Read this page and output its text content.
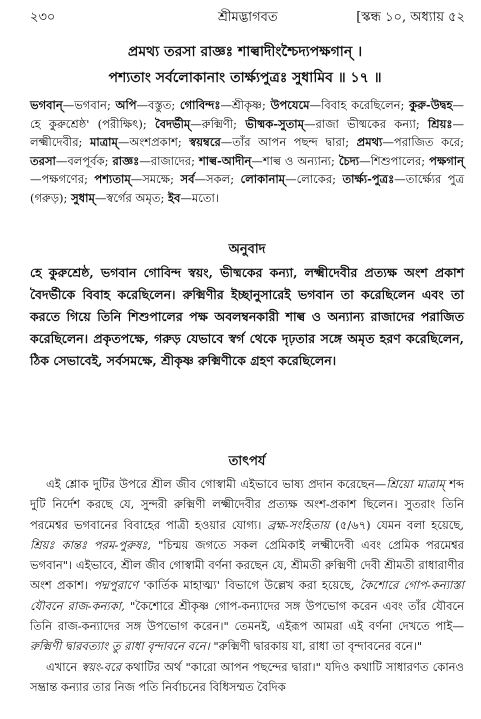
২৩০	শ্রীমদ্ভাগবত	[স্কন্ধ ১০, অধ্যায় ৫২
প্রমথ্য তরসা রাজ্ঞঃ শাল্বাদীংশ্চৈদ্যপক্ষগান্ ।
পশ্যতাং সর্বলোকানাং তার্ক্ষ্যপুত্রঃ সুধামিব ॥ ১৭ ॥
ভগবান্—ভগবান; অপি—বস্তুত; গোবিন্দঃ—শ্রীকৃষ্ণ; উপযেমে—বিবাহ করেছিলেন; কুরু-উদ্বহ—হে কুরুশ্রেষ্ঠ' (পরীক্ষিৎ); বৈদর্ভীম্—রুক্মিণী; ভীষ্মক-সুতাম্—রাজা ভীষ্মকের কন্যা; শ্রিয়ঃ—লক্ষ্মীদেবীর; মাত্রাম্—অংশপ্রকাশ; স্বয়ম্বরে—তাঁর আপন পছন্দ দ্বারা; প্রমথ্য—পরাজিত করে; তরসা—বলপূর্বক; রাজ্ঞঃ—রাজাদের; শাল্ব-আদীন্—শাল্ব ও অন্যান্য; চৈদ্য—শিশুপালের; পক্ষগান্—পক্ষগণের; পশ্যতাম্—সমক্ষে; সর্ব—সকল; লোকানাম্—লোকের; তার্ক্ষ্য-পুত্রঃ—তার্ক্ষ্যের পুত্র (গরুড়); সুধাম্—স্বর্গের অমৃত; ইব—মতো।
অনুবাদ
হে কুরুশ্রেষ্ঠ, ভগবান গোবিন্দ স্বয়ং, ভীষ্মকের কন্যা, লক্ষ্মীদেবীর প্রত্যক্ষ অংশ প্রকাশ বৈদর্ভীকে বিবাহ করেছিলেন। রুক্মিণীর ইচ্ছানুসারেই ভগবান তা করেছিলেন এবং তা করতে গিয়ে তিনি শিশুপালের পক্ষ অবলম্বনকারী শাল্ব ও অন্যান্য রাজাদের পরাজিত করেছিলেন। প্রকৃতপক্ষে, গরুড় যেভাবে স্বর্গ থেকে দৃঢ়তার সঙ্গে অমৃত হরণ করেছিলেন, ঠিক সেভাবেই, সর্বসমক্ষে, শ্রীকৃষ্ণ রুক্মিণীকে গ্রহণ করেছিলেন।
তাৎপর্য

এই শ্লোক দুটির উপরে শ্রীল জীব গোস্বামী এইভাবে ভাষ্য প্রদান করেছেন—শ্রিয়ো মাত্রাম্ শব্দ দুটি নির্দেশ করছে যে, সুন্দরী রুক্মিণী লক্ষ্মীদেবীর প্রত্যক্ষ অংশ-প্রকাশ ছিলেন। সুতরাং তিনি পরমেশ্বর ভগবানের বিবাহের পাত্রী হওয়ার যোগ্য। ব্রহ্ম-সংহিতায় (৫/৬৭) যেমন বলা হয়েছে, শ্রিয়ঃ কান্তঃ পরম-পুরুষঃ, "চিন্ময় জগতে সকল প্রেমিকাই লক্ষ্মীদেবী এবং প্রেমিক পরমেশ্বর ভগবান"। এইভাবে, শ্রীল জীব গোস্বামী বর্ণনা করছেন যে, শ্রীমতী রুক্মিণী দেবী শ্রীমতী রাধারাণীর অংশ প্রকাশ। পদ্মপুরাণে 'কার্তিক মাহাত্ম্য' বিভাগে উল্লেখ করা হয়েছে, কৈশোরে গোপ-কন্যাস্তা যৌবনে রাজ-কন্যকা, "কৈশোরে শ্রীকৃষ্ণ গোপ-কন্যাদের সঙ্গ উপভোগ করেন এবং তাঁর যৌবনে তিনি রাজ-কন্যাদের সঙ্গ উপভোগ করেন।" তেমনই, এইরূপ আমরা এই বর্ণনা দেখতে পাই—রুক্মিণী দ্বারবত্যাং তু রাধা বৃন্দাবনে বনে। "রুক্মিণী দ্বারকায় যা, রাধা তা বৃন্দাবনের বনে।"

এখানে স্বয়ং-বরে কথাটির অর্থ "কারো আপন পছন্দের দ্বারা।" যদিও কথাটি সাধারণত কোনও সম্ভ্রান্ত কন্যার তার নিজ পতি নির্বাচনের বিধিসম্মত বৈদিক
